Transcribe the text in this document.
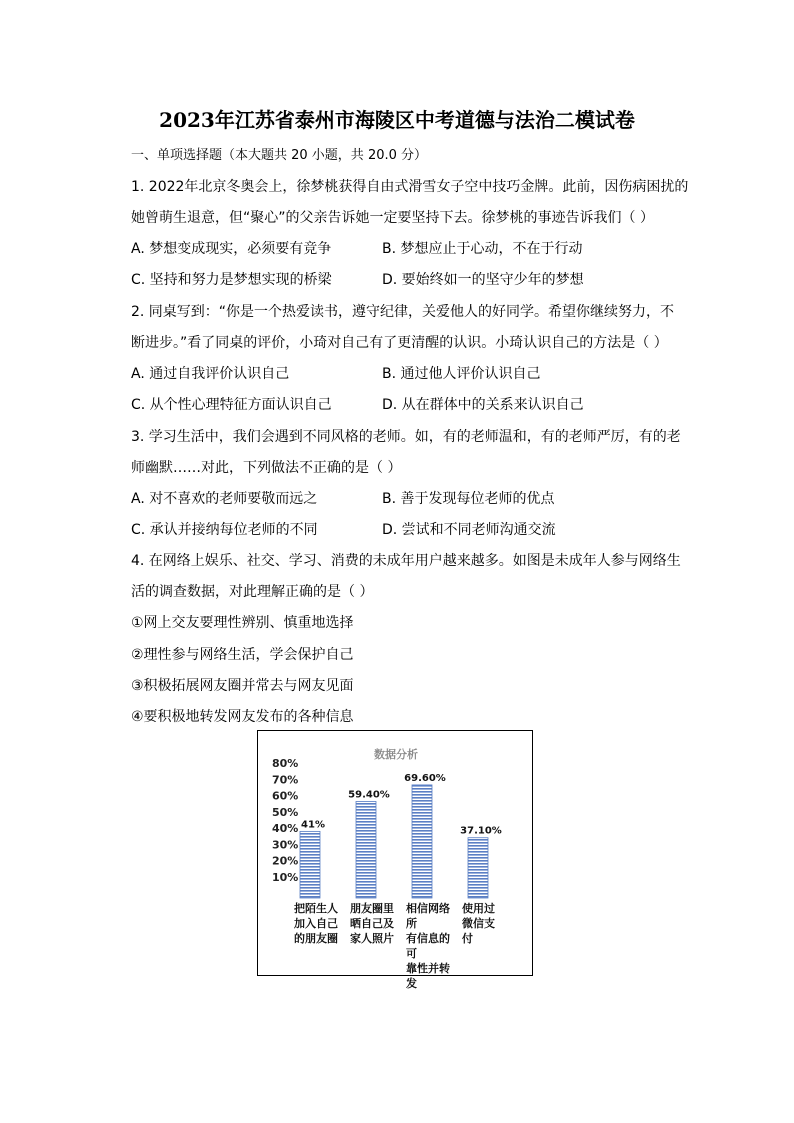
2023年江苏省泰州市海陵区中考道德与法治二模试卷
一、单项选择题（本大题共 20 小题，共 20.0 分）
1. 2022年北京冬奥会上，徐梦桃获得自由式滑雪女子空中技巧金牌。此前，因伤病困扰的
她曾萌生退意，但“聚心”的父亲告诉她一定要坚持下去。徐梦桃的事迹告诉我们（ ）
A. 梦想变成现实，必须要有竞争	B. 梦想应止于心动，不在于行动
C. 坚持和努力是梦想实现的桥梁	D. 要始终如一的坚守少年的梦想
2. 同桌写到：“你是一个热爱读书，遵守纪律，关爱他人的好同学。希望你继续努力，不
断进步。”看了同桌的评价，小琦对自己有了更清醒的认识。小琦认识自己的方法是（ ）
A. 通过自我评价认识自己	B. 通过他人评价认识自己
C. 从个性心理特征方面认识自己	D. 从在群体中的关系来认识自己
3. 学习生活中，我们会遇到不同风格的老师。如，有的老师温和，有的老师严厉，有的老
师幽默……对此，下列做法不正确的是（ ）
A. 对不喜欢的老师要敬而远之	B. 善于发现每位老师的优点
C. 承认并接纳每位老师的不同	D. 尝试和不同老师沟通交流
4. 在网络上娱乐、社交、学习、消费的未成年用户越来越多。如图是未成年人参与网络生
活的调查数据，对此理解正确的是（ ）
①网上交友要理性辨别、慎重地选择
②理性参与网络生活，学会保护自己
③积极拓展网友圈并常去与网友见面
④要积极地转发网友发布的各种信息
数据分析
10%
20%
30%
40%
50%
60%
70%
80%
41%
59.40%
69.60%
37.10%
把陌生人
加入自己
的朋友圈
朋友圈里
晒自己及
家人照片
相信网络所
有信息的可
靠性并转发
使用过
微信支
付
